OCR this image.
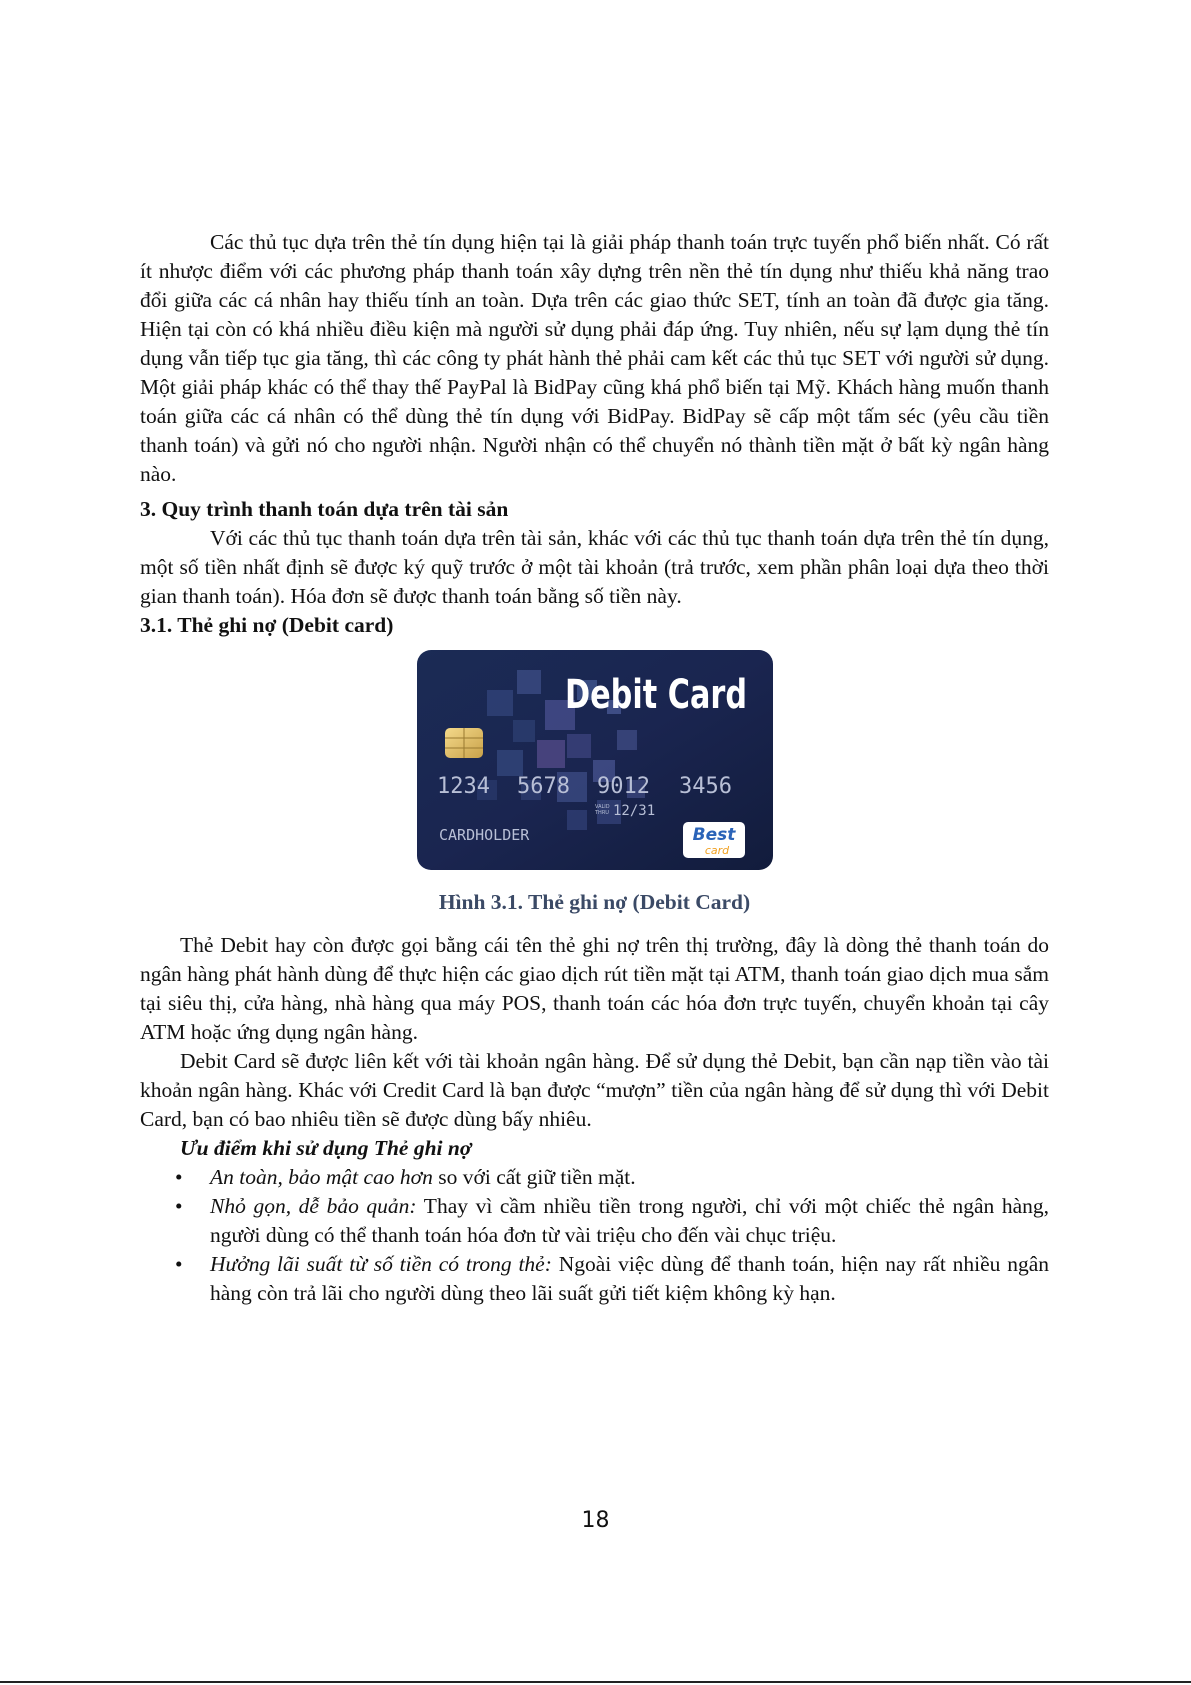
Các thủ tục dựa trên thẻ tín dụng hiện tại là giải pháp thanh toán trực tuyến phổ biến nhất. Có rất ít nhược điểm với các phương pháp thanh toán xây dựng trên nền thẻ tín dụng như thiếu khả năng trao đổi giữa các cá nhân hay thiếu tính an toàn. Dựa trên các giao thức SET, tính an toàn đã được gia tăng. Hiện tại còn có khá nhiều điều kiện mà người sử dụng phải đáp ứng. Tuy nhiên, nếu sự lạm dụng thẻ tín dụng vẫn tiếp tục gia tăng, thì các công ty phát hành thẻ phải cam kết các thủ tục SET với người sử dụng. Một giải pháp khác có thể thay thế PayPal là BidPay cũng khá phổ biến tại Mỹ. Khách hàng muốn thanh toán giữa các cá nhân có thể dùng thẻ tín dụng với BidPay. BidPay sẽ cấp một tấm séc (yêu cầu tiền thanh toán) và gửi nó cho người nhận. Người nhận có thể chuyển nó thành tiền mặt ở bất kỳ ngân hàng nào.

3. Quy trình thanh toán dựa trên tài sản

Với các thủ tục thanh toán dựa trên tài sản, khác với các thủ tục thanh toán dựa trên thẻ tín dụng, một số tiền nhất định sẽ được ký quỹ trước ở một tài khoản (trả trước, xem phần phân loại dựa theo thời gian thanh toán). Hóa đơn sẽ được thanh toán bằng số tiền này.

3.1. Thẻ ghi nợ (Debit card)
Debit Card
1234 5678 9012 3456
VALID
THRU 12/31
CARDHOLDER	Best
card
Hình 3.1. Thẻ ghi nợ (Debit Card)

Thẻ Debit hay còn được gọi bằng cái tên thẻ ghi nợ trên thị trường, đây là dòng thẻ thanh toán do ngân hàng phát hành dùng để thực hiện các giao dịch rút tiền mặt tại ATM, thanh toán giao dịch mua sắm tại siêu thị, cửa hàng, nhà hàng qua máy POS, thanh toán các hóa đơn trực tuyến, chuyển khoản tại cây ATM hoặc ứng dụng ngân hàng.

Debit Card sẽ được liên kết với tài khoản ngân hàng. Để sử dụng thẻ Debit, bạn cần nạp tiền vào tài khoản ngân hàng. Khác với Credit Card là bạn được “mượn” tiền của ngân hàng để sử dụng thì với Debit Card, bạn có bao nhiêu tiền sẽ được dùng bấy nhiêu.

Ưu điểm khi sử dụng Thẻ ghi nợ
• An toàn, bảo mật cao hơn so với cất giữ tiền mặt.
• Nhỏ gọn, dễ bảo quản: Thay vì cầm nhiều tiền trong người, chỉ với một chiếc thẻ ngân hàng, người dùng có thể thanh toán hóa đơn từ vài triệu cho đến vài chục triệu.
• Hưởng lãi suất từ số tiền có trong thẻ: Ngoài việc dùng để thanh toán, hiện nay rất nhiều ngân hàng còn trả lãi cho người dùng theo lãi suất gửi tiết kiệm không kỳ hạn.
18
